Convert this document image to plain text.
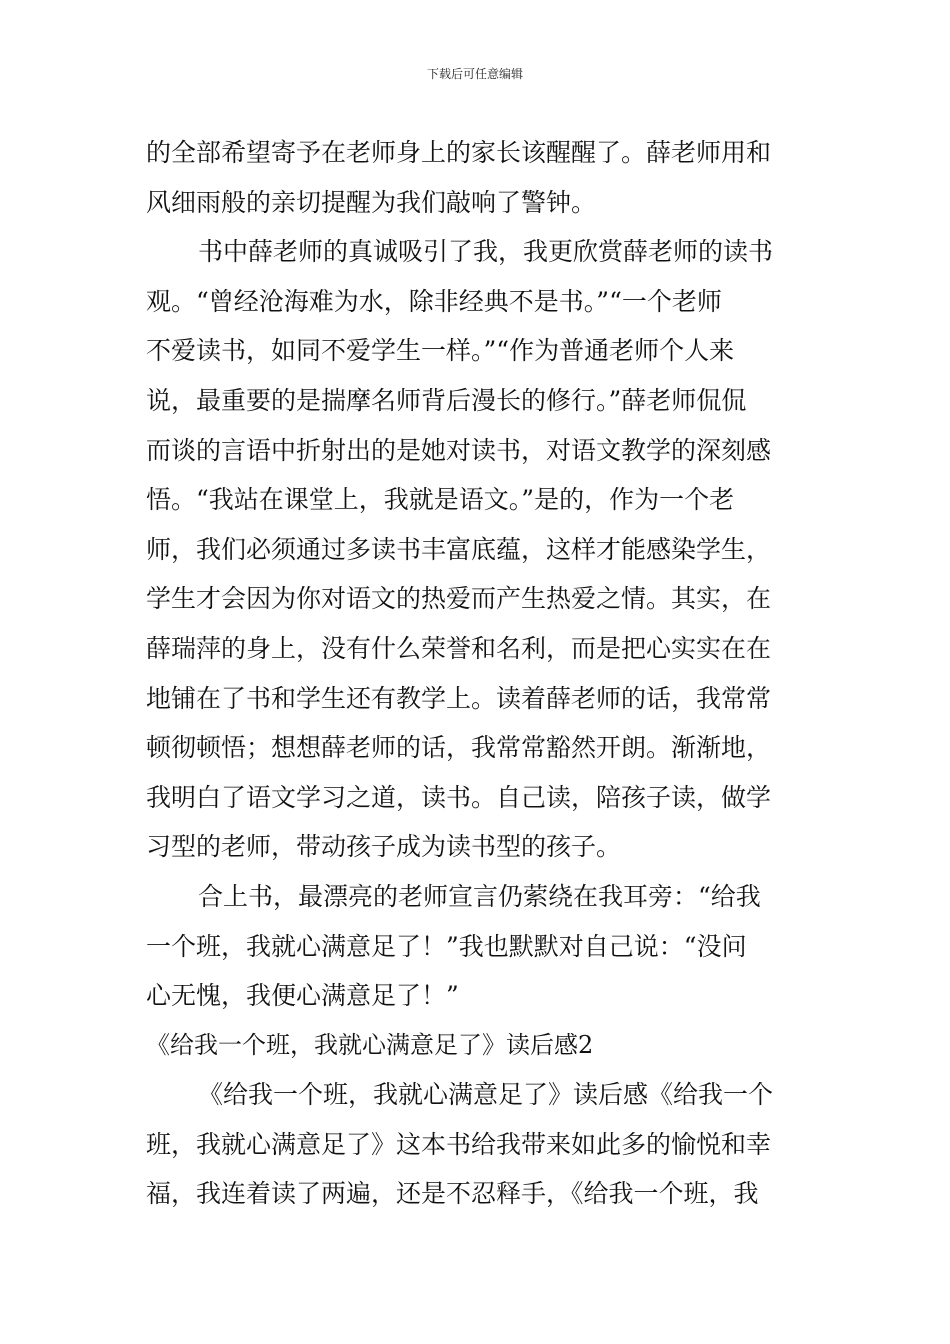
下载后可任意编辑
的全部希望寄予在老师身上的家长该醒醒了。薛老师用和
风细雨般的亲切提醒为我们敲响了警钟。
书中薛老师的真诚吸引了我，我更欣赏薛老师的读书
观。“曾经沧海难为水，除非经典不是书。”“一个老师
不爱读书，如同不爱学生一样。”“作为普通老师个人来
说，最重要的是揣摩名师背后漫长的修行。”薛老师侃侃
而谈的言语中折射出的是她对读书，对语文教学的深刻感
悟。“我站在课堂上，我就是语文。”是的，作为一个老
师，我们必须通过多读书丰富底蕴，这样才能感染学生，
学生才会因为你对语文的热爱而产生热爱之情。其实，在
薛瑞萍的身上，没有什么荣誉和名利，而是把心实实在在
地铺在了书和学生还有教学上。读着薛老师的话，我常常
顿彻顿悟；想想薛老师的话，我常常豁然开朗。渐渐地，
我明白了语文学习之道，读书。自己读，陪孩子读，做学
习型的老师，带动孩子成为读书型的孩子。
合上书，最漂亮的老师宣言仍萦绕在我耳旁：“给我
一个班，我就心满意足了！”我也默默对自己说：“没问
心无愧，我便心满意足了！”
《给我一个班，我就心满意足了》读后感2
《给我一个班，我就心满意足了》读后感《给我一个
班，我就心满意足了》这本书给我带来如此多的愉悦和幸
福，我连着读了两遍，还是不忍释手，《给我一个班，我
